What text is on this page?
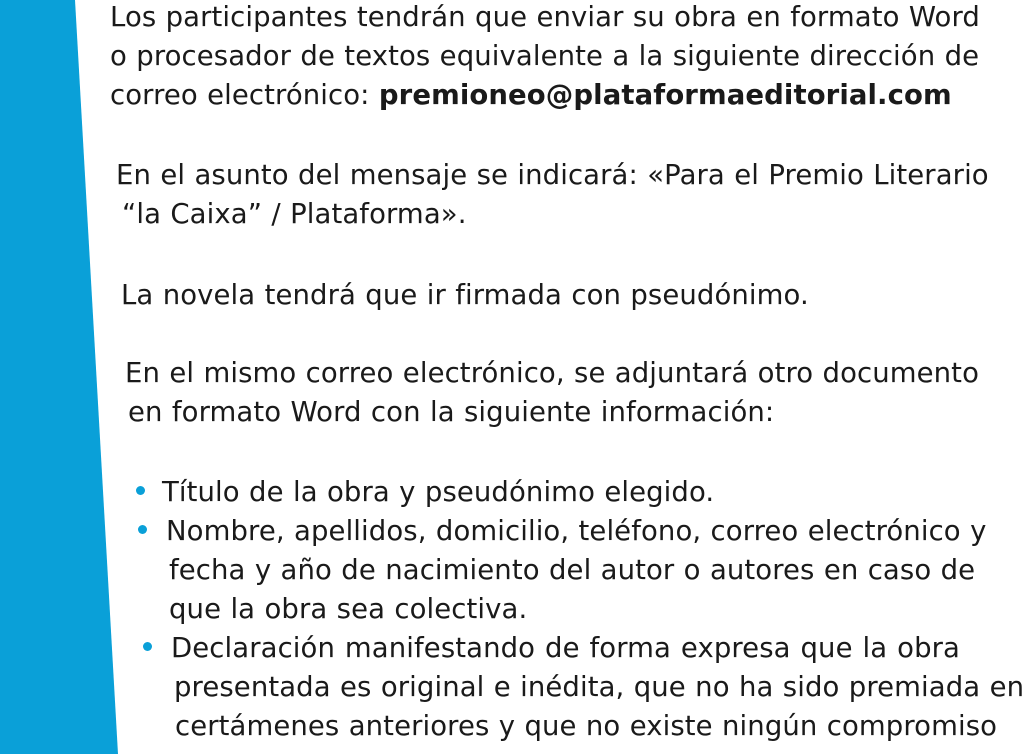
Los participantes tendrán que enviar su obra en formato Word
o procesador de textos equivalente a la siguiente dirección de
correo electrónico: premioneo@plataformaeditorial.com
En el asunto del mensaje se indicará: «Para el Premio Literario
“la Caixa” / Plataforma».
La novela tendrá que ir firmada con pseudónimo.
En el mismo correo electrónico, se adjuntará otro documento
en formato Word con la siguiente información:
Título de la obra y pseudónimo elegido.
Nombre, apellidos, domicilio, teléfono, correo electrónico y
fecha y año de nacimiento del autor o autores en caso de
que la obra sea colectiva.
Declaración manifestando de forma expresa que la obra
presentada es original e inédita, que no ha sido premiada en
certámenes anteriores y que no existe ningún compromiso
